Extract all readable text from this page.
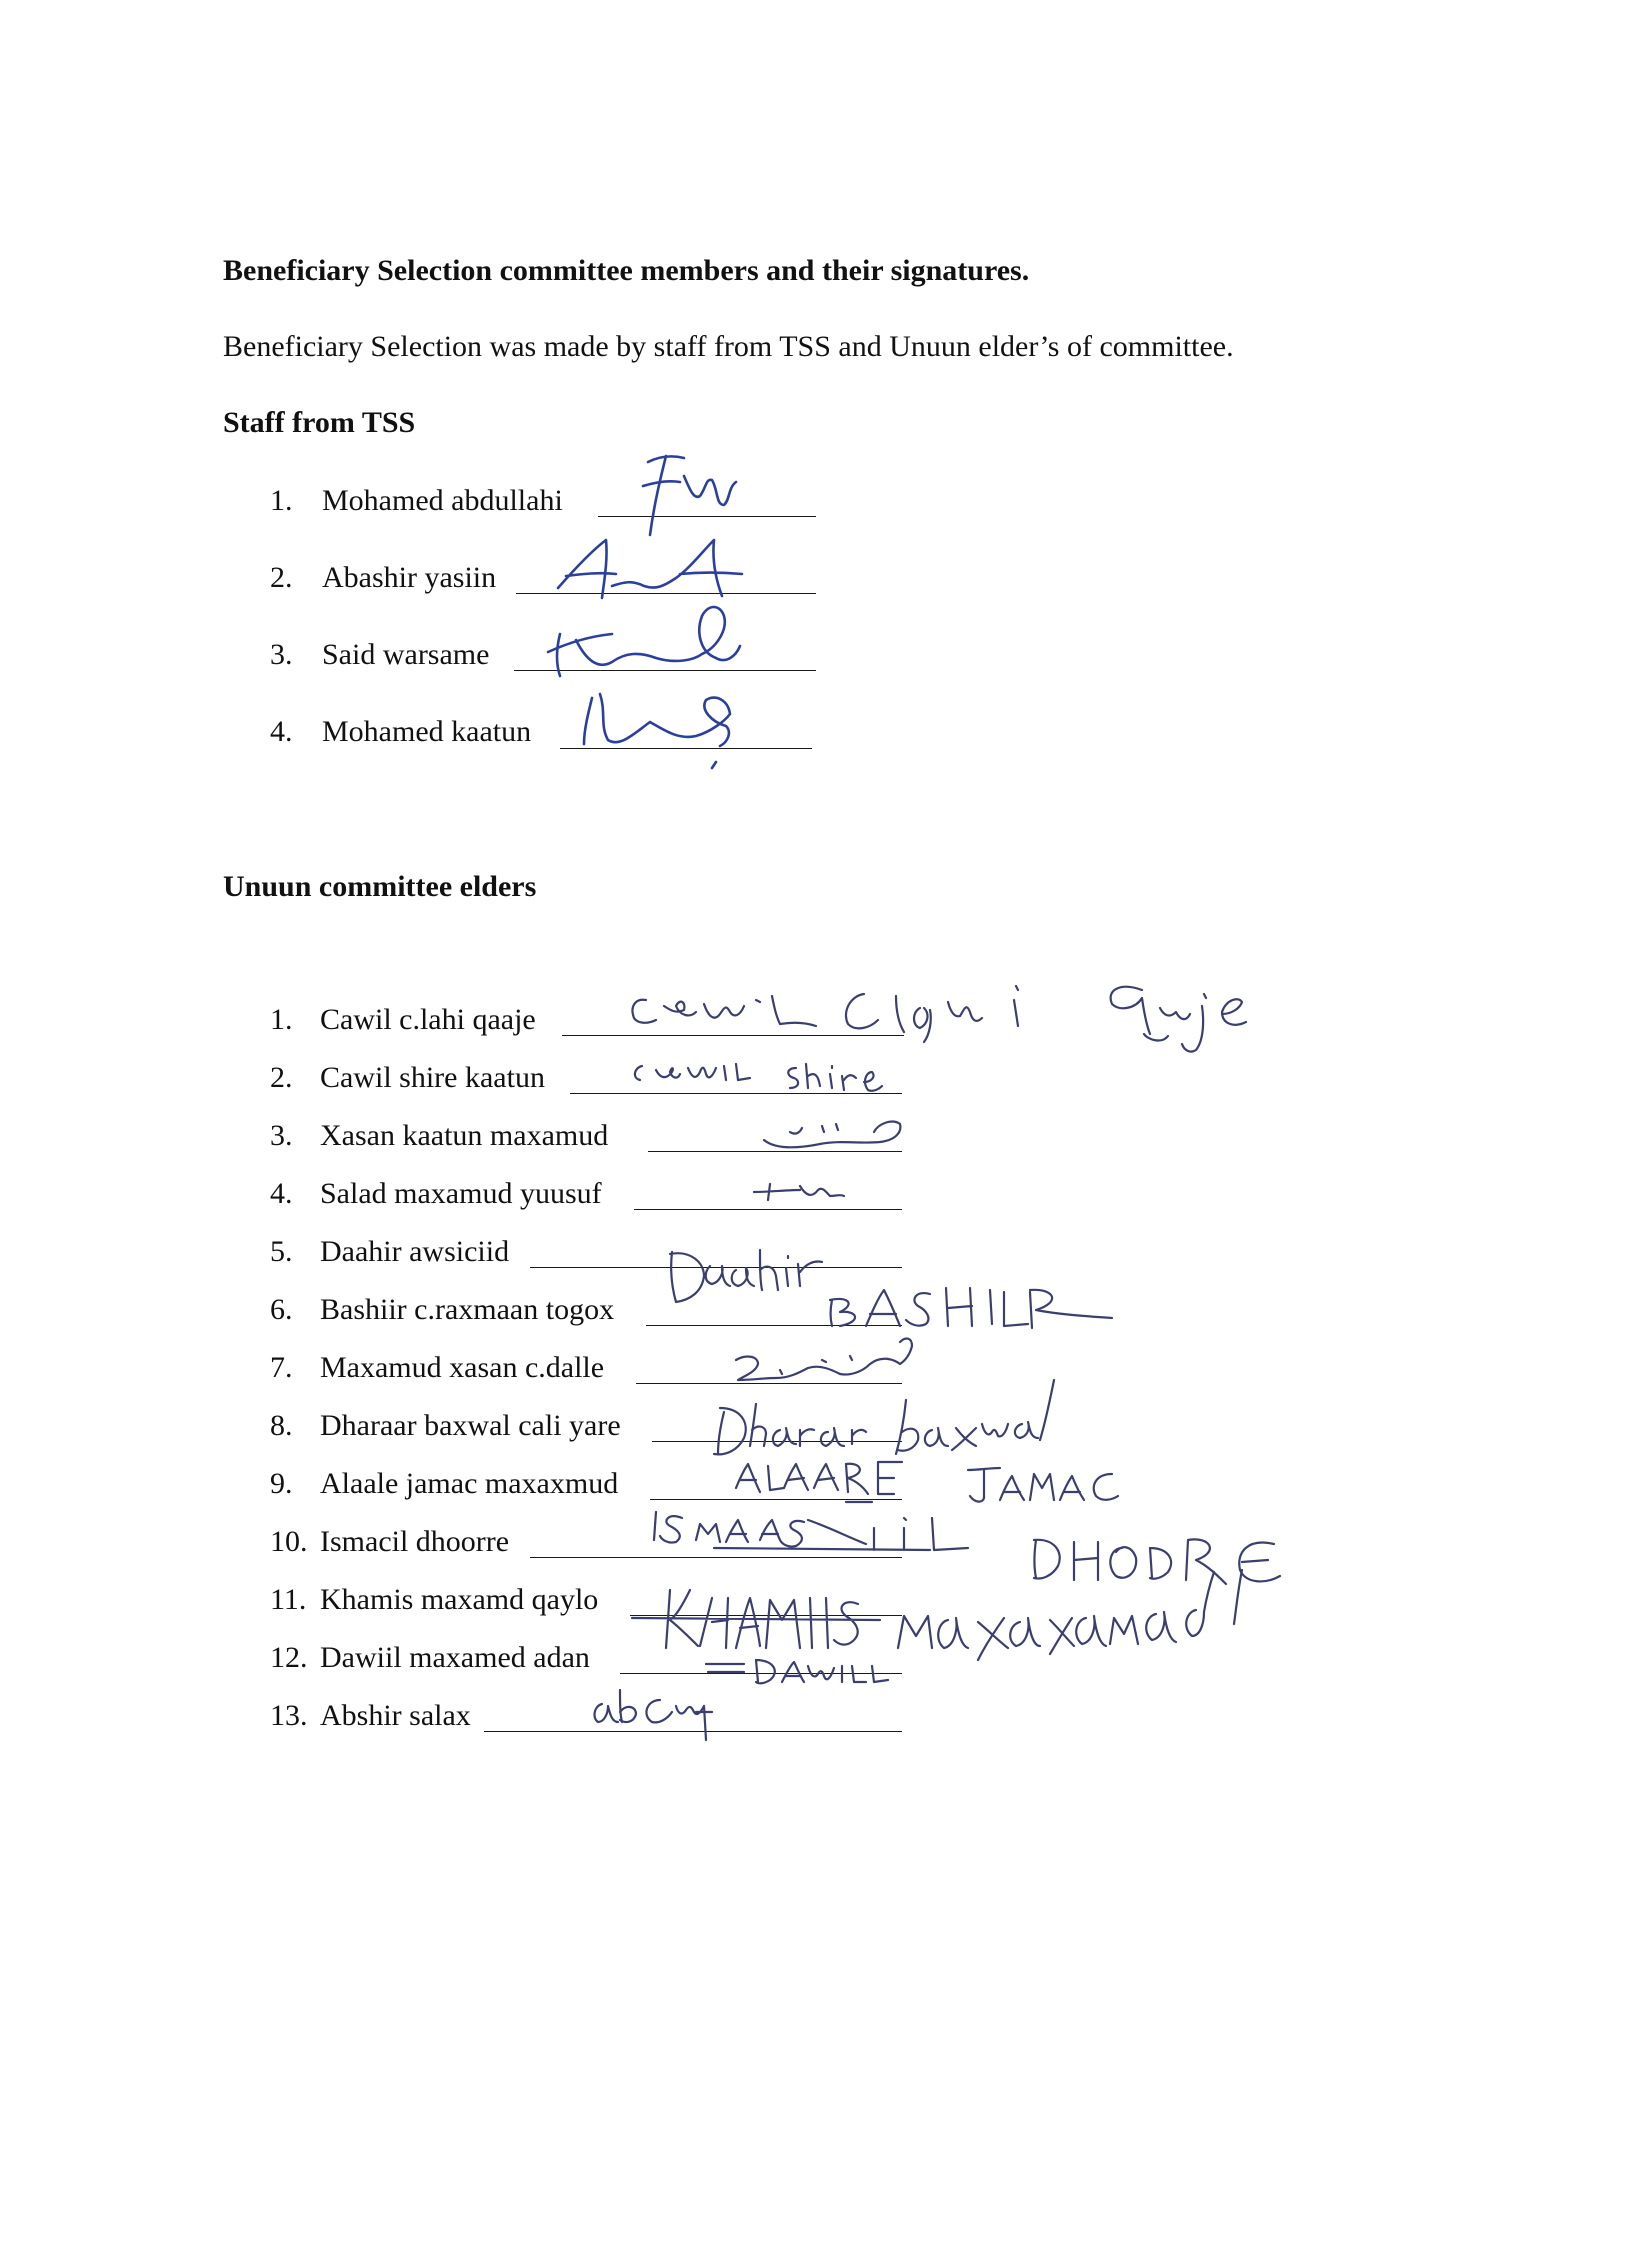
Beneficiary Selection committee members and their signatures.
Beneficiary Selection was made by staff from TSS and Unuun elder’s of committee.
Staff from TSS
1. Mohamed abdullahi
2. Abashir yasiin
3. Said warsame
4. Mohamed kaatun
Unuun committee elders
1. Cawil c.lahi qaaje
2. Cawil shire kaatun
3. Xasan kaatun maxamud
4. Salad maxamud yuusuf
5. Daahir awsiciid
6. Bashiir c.raxmaan togox
7. Maxamud xasan c.dalle
8. Dharaar baxwal cali yare
9. Alaale jamac maxaxmud
10. Ismacil dhoorre
11. Khamis maxamd qaylo
12. Dawiil maxamed adan
13. Abshir salax
